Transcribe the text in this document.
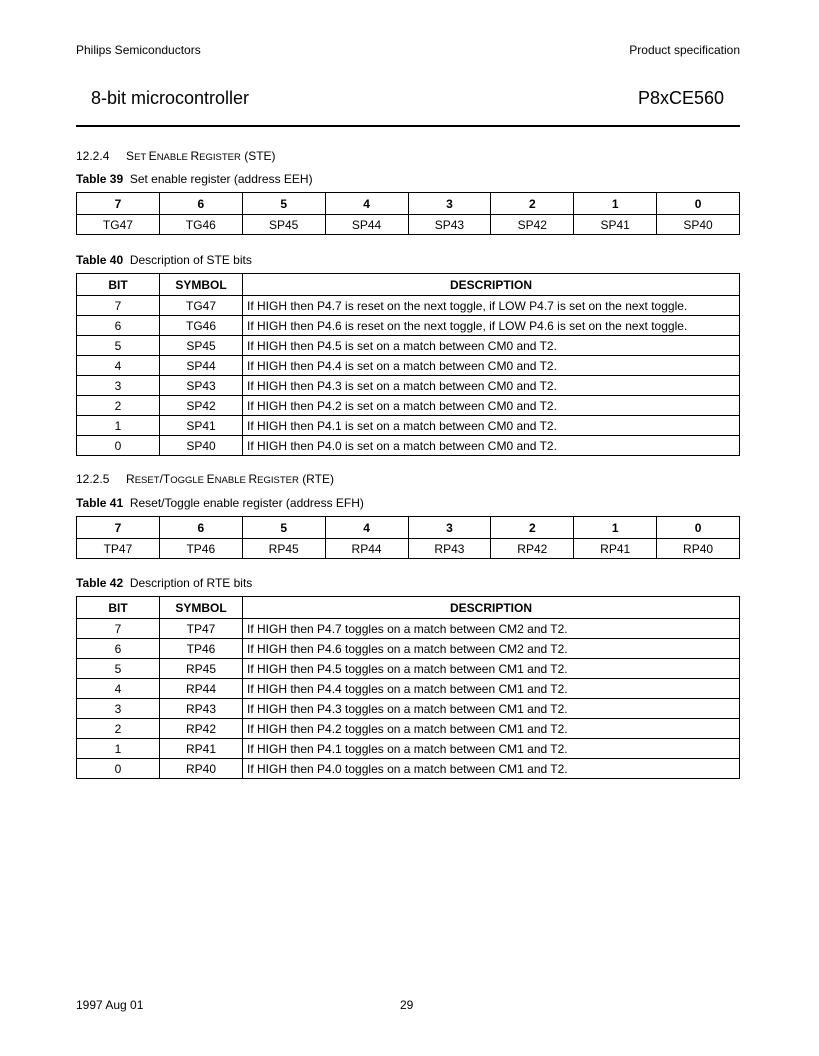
Philips Semiconductors	Product specification
8-bit microcontroller	P8xCE560
12.2.4 SET ENABLE REGISTER (STE)
Table 39 Set enable register (address EEH)
7	6	5	4	3	2	1	0
TG47	TG46	SP45	SP44	SP43	SP42	SP41	SP40
Table 40 Description of STE bits
BIT	SYMBOL	DESCRIPTION
7	TG47	If HIGH then P4.7 is reset on the next toggle, if LOW P4.7 is set on the next toggle.
6	TG46	If HIGH then P4.6 is reset on the next toggle, if LOW P4.6 is set on the next toggle.
5	SP45	If HIGH then P4.5 is set on a match between CM0 and T2.
4	SP44	If HIGH then P4.4 is set on a match between CM0 and T2.
3	SP43	If HIGH then P4.3 is set on a match between CM0 and T2.
2	SP42	If HIGH then P4.2 is set on a match between CM0 and T2.
1	SP41	If HIGH then P4.1 is set on a match between CM0 and T2.
0	SP40	If HIGH then P4.0 is set on a match between CM0 and T2.
12.2.5 RESET/TOGGLE ENABLE REGISTER (RTE)
Table 41 Reset/Toggle enable register (address EFH)
7	6	5	4	3	2	1	0
TP47	TP46	RP45	RP44	RP43	RP42	RP41	RP40
Table 42 Description of RTE bits
BIT	SYMBOL	DESCRIPTION
7	TP47	If HIGH then P4.7 toggles on a match between CM2 and T2.
6	TP46	If HIGH then P4.6 toggles on a match between CM2 and T2.
5	RP45	If HIGH then P4.5 toggles on a match between CM1 and T2.
4	RP44	If HIGH then P4.4 toggles on a match between CM1 and T2.
3	RP43	If HIGH then P4.3 toggles on a match between CM1 and T2.
2	RP42	If HIGH then P4.2 toggles on a match between CM1 and T2.
1	RP41	If HIGH then P4.1 toggles on a match between CM1 and T2.
0	RP40	If HIGH then P4.0 toggles on a match between CM1 and T2.
1997 Aug 01	29
